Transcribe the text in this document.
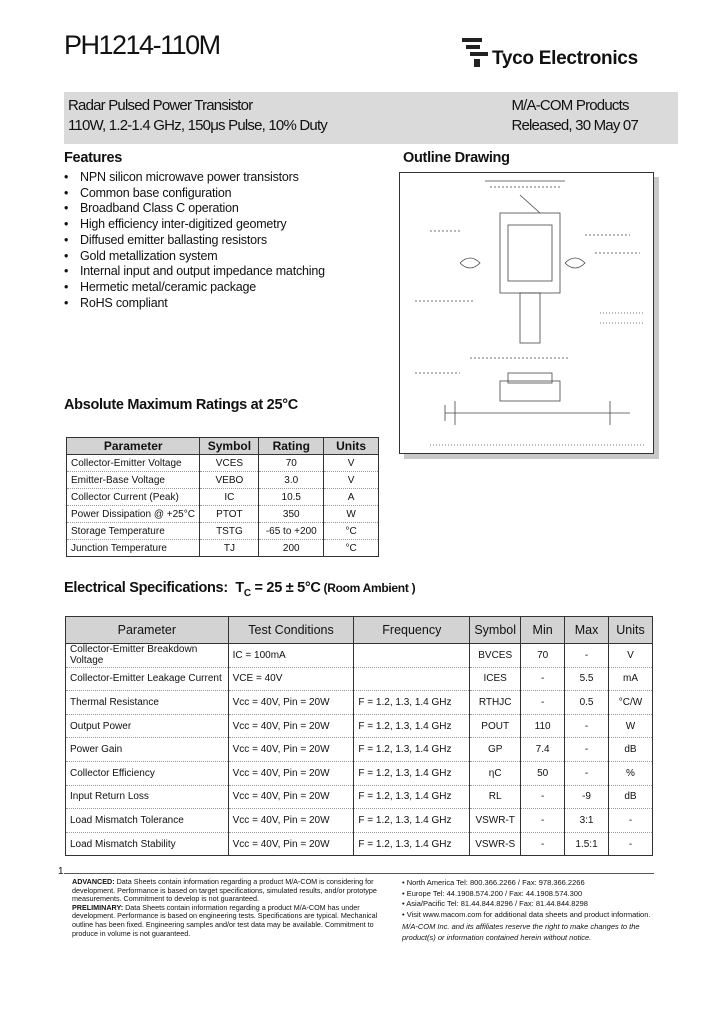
PH1214-110M	Tyco Electronics
Radar Pulsed Power Transistor
110W, 1.2-1.4 GHz, 150μs Pulse, 10% Duty
M/A-COM Products
Released, 30 May 07
Features
• NPN silicon microwave power transistors
• Common base configuration
• Broadband Class C operation
• High efficiency inter-digitized geometry
• Diffused emitter ballasting resistors
• Gold metallization system
• Internal input and output impedance matching
• Hermetic metal/ceramic package
• RoHS compliant
Outline Drawing
Absolute Maximum Ratings at 25°C
Parameter	Symbol	Rating	Units
Collector-Emitter Voltage	VCES	70	V
Emitter-Base Voltage	VEBO	3.0	V
Collector Current (Peak)	IC	10.5	A
Power Dissipation @ +25°C	PTOT	350	W
Storage Temperature	TSTG	-65 to +200	°C
Junction Temperature	TJ	200	°C
Electrical Specifications: $T_C = 25 \pm 5^\circ C$ (Room Ambient )
Parameter	Test Conditions	Frequency	Symbol	Min	Max	Units
Collector-Emitter Breakdown Voltage	IC = 100mA		BVCES	70	-	V
Collector-Emitter Leakage Current	VCE = 40V		ICES	-	5.5	mA
Thermal Resistance	Vcc = 40V, Pin = 20W	F = 1.2, 1.3, 1.4 GHz	RTHJC	-	0.5	°C/W
Output Power	Vcc = 40V, Pin = 20W	F = 1.2, 1.3, 1.4 GHz	POUT	110	-	W
Power Gain	Vcc = 40V, Pin = 20W	F = 1.2, 1.3, 1.4 GHz	GP	7.4	-	dB
Collector Efficiency	Vcc = 40V, Pin = 20W	F = 1.2, 1.3, 1.4 GHz	ηC	50	-	%
Input Return Loss	Vcc = 40V, Pin = 20W	F = 1.2, 1.3, 1.4 GHz	RL	-	-9	dB
Load Mismatch Tolerance	Vcc = 40V, Pin = 20W	F = 1.2, 1.3, 1.4 GHz	VSWR-T	-	3:1	-
Load Mismatch Stability	Vcc = 40V, Pin = 20W	F = 1.2, 1.3, 1.4 GHz	VSWR-S	-	1.5:1	-
1
ADVANCED: Data Sheets contain information regarding a product M/A-COM is considering for development. Performance is based on target specifications, simulated results, and/or prototype measurements. Commitment to develop is not guaranteed.
PRELIMINARY: Data Sheets contain information regarding a product M/A-COM has under development. Performance is based on engineering tests. Specifications are typical. Mechanical outline has been fixed. Engineering samples and/or test data may be available. Commitment to produce in volume is not guaranteed.
• North America Tel: 800.366.2266 / Fax: 978.366.2266
• Europe Tel: 44.1908.574.200 / Fax: 44.1908.574.300
• Asia/Pacific Tel: 81.44.844.8296 / Fax: 81.44.844.8298
• Visit www.macom.com for additional data sheets and product information.
M/A-COM Inc. and its affiliates reserve the right to make changes to the product(s) or information contained herein without notice.
